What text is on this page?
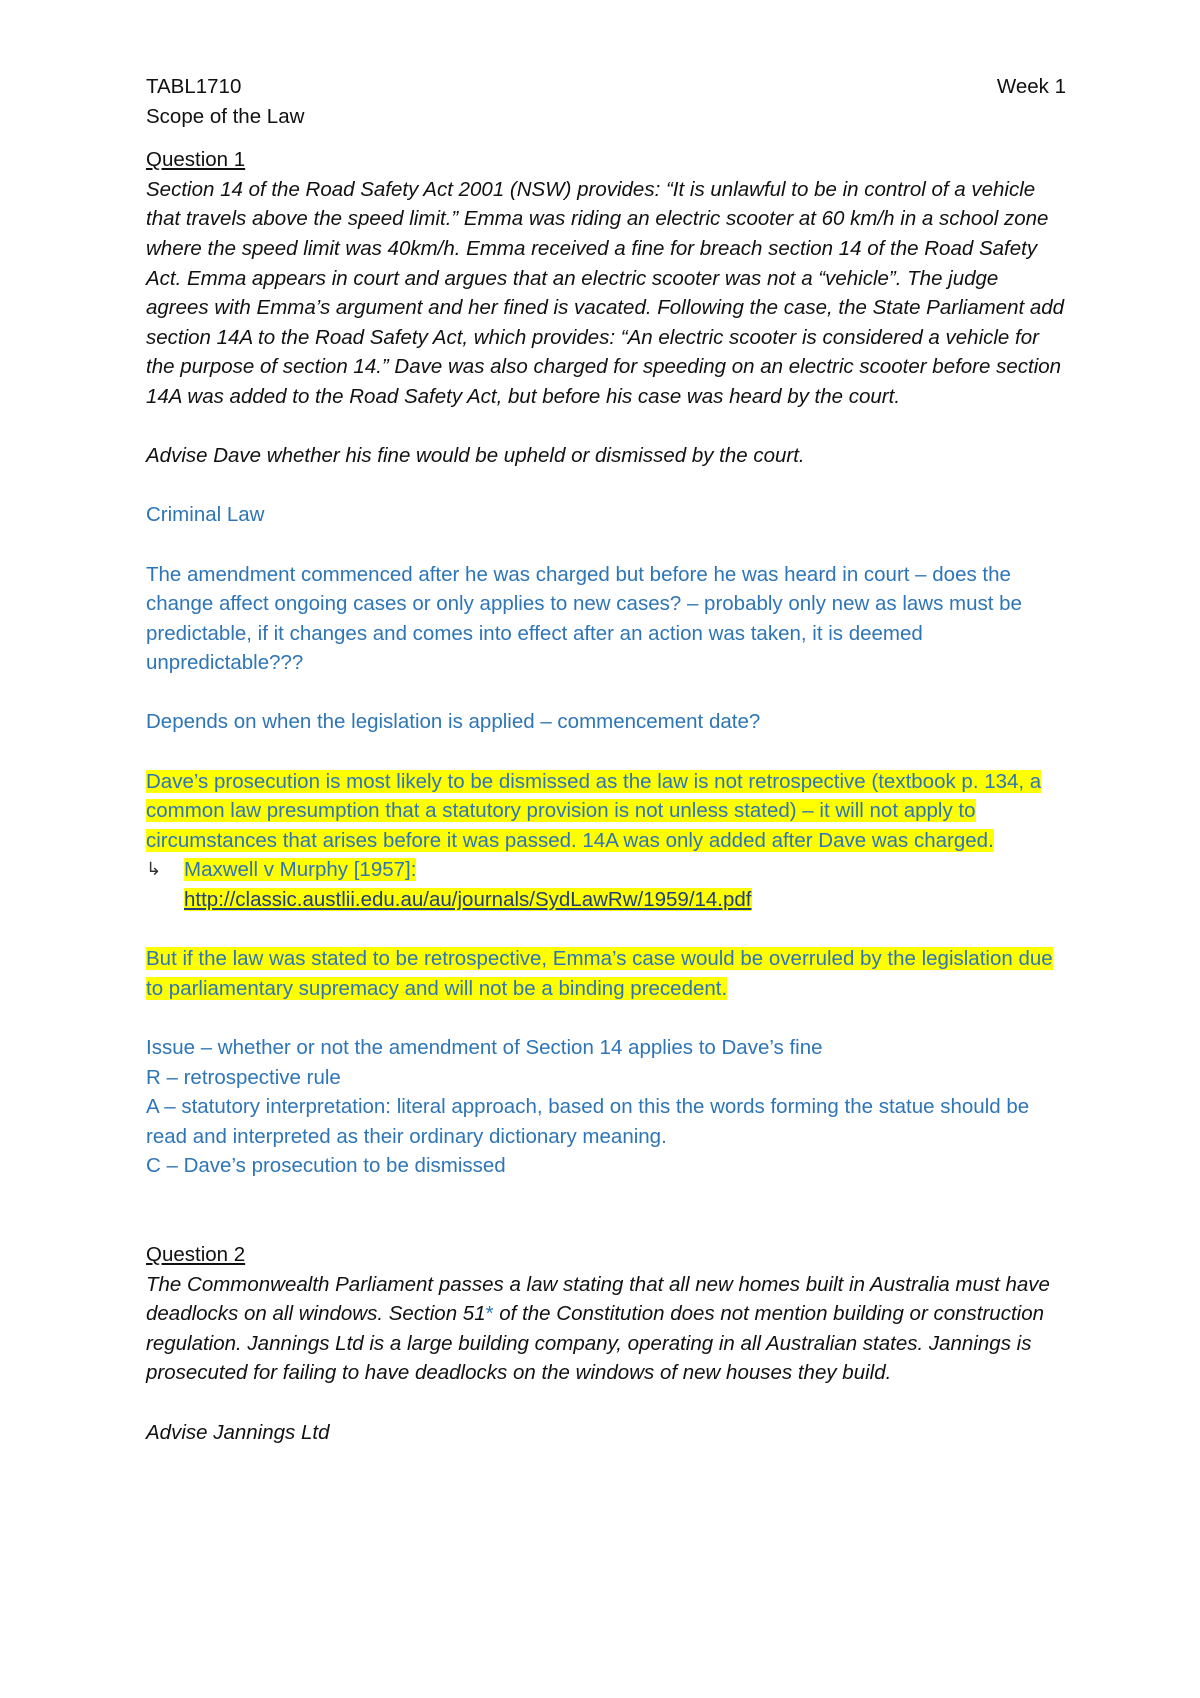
TABL1710	Week 1

Scope of the Law

Question 1

Section 14 of the Road Safety Act 2001 (NSW) provides: “It is unlawful to be in control of a vehicle that travels above the speed limit.” Emma was riding an electric scooter at 60 km/h in a school zone where the speed limit was 40km/h. Emma received a fine for breach section 14 of the Road Safety Act. Emma appears in court and argues that an electric scooter was not a “vehicle”. The judge agrees with Emma’s argument and her fined is vacated. Following the case, the State Parliament add section 14A to the Road Safety Act, which provides: “An electric scooter is considered a vehicle for the purpose of section 14.” Dave was also charged for speeding on an electric scooter before section 14A was added to the Road Safety Act, but before his case was heard by the court.

Advise Dave whether his fine would be upheld or dismissed by the court.

Criminal Law

The amendment commenced after he was charged but before he was heard in court – does the change affect ongoing cases or only applies to new cases? – probably only new as laws must be predictable, if it changes and comes into effect after an action was taken, it is deemed unpredictable???

Depends on when the legislation is applied – commencement date?

Dave’s prosecution is most likely to be dismissed as the law is not retrospective (textbook p. 134, a common law presumption that a statutory provision is not unless stated) – it will not apply to circumstances that arises before it was passed. 14A was only added after Dave was charged.

↳	Maxwell v Murphy [1957]:

http://classic.austlii.edu.au/au/journals/SydLawRw/1959/14.pdf

But if the law was stated to be retrospective, Emma’s case would be overruled by the legislation due to parliamentary supremacy and will not be a binding precedent.

Issue – whether or not the amendment of Section 14 applies to Dave’s fine

R – retrospective rule

A – statutory interpretation: literal approach, based on this the words forming the statue should be read and interpreted as their ordinary dictionary meaning.

C – Dave’s prosecution to be dismissed

Question 2

The Commonwealth Parliament passes a law stating that all new homes built in Australia must have deadlocks on all windows. Section 51* of the Constitution does not mention building or construction regulation. Jannings Ltd is a large building company, operating in all Australian states. Jannings is prosecuted for failing to have deadlocks on the windows of new houses they build.

Advise Jannings Ltd
